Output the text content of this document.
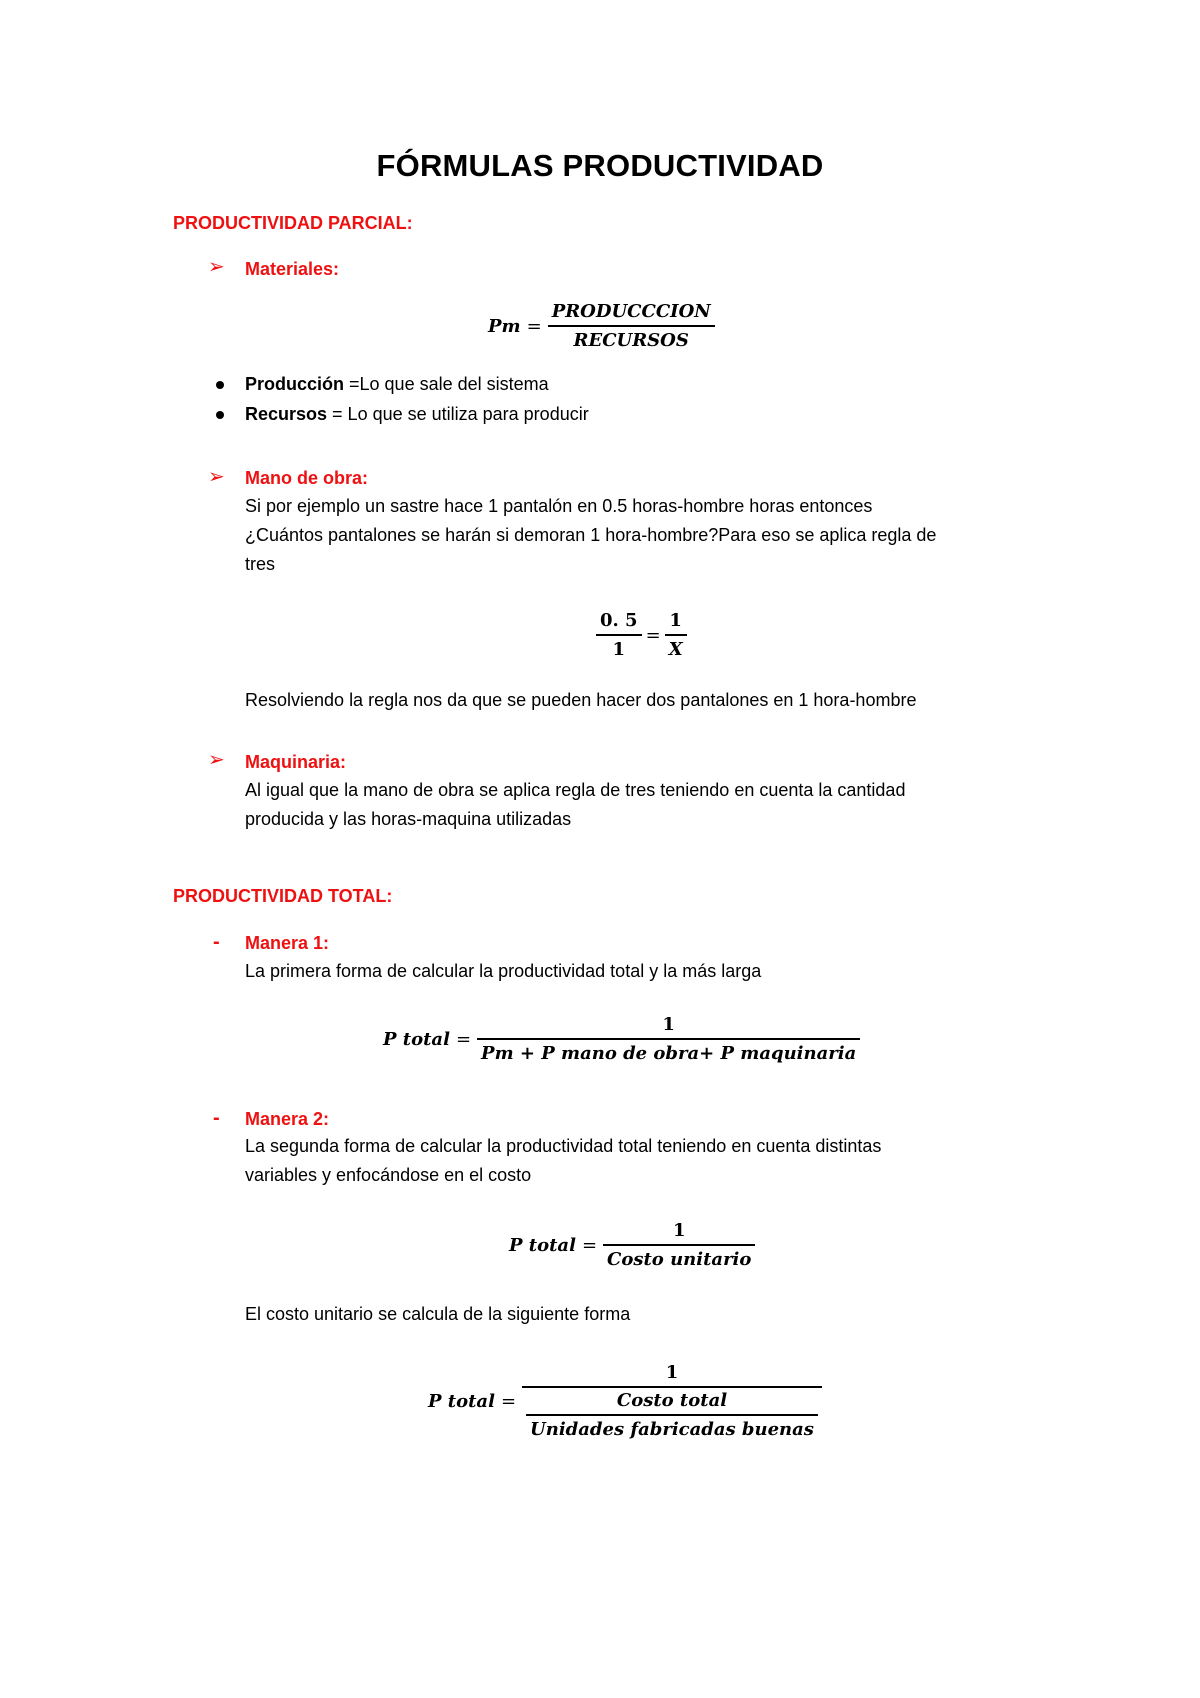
FÓRMULAS PRODUCTIVIDAD
PRODUCTIVIDAD PARCIAL:
➢ Materiales:
$Pm = \frac{\text{PRODUCCCION}}{\text{RECURSOS}}$
Producción =Lo que sale del sistema
Recursos = Lo que se utiliza para producir
➢ Mano de obra:
Si por ejemplo un sastre hace 1 pantalón en 0.5 horas-hombre horas entonces
¿Cuántos pantalones se harán si demoran 1 hora-hombre?Para eso se aplica regla de
tres
$\frac{0. 5}{1} = \frac{1}{X}$
Resolviendo la regla nos da que se pueden hacer dos pantalones en 1 hora-hombre
➢ Maquinaria:
Al igual que la mano de obra se aplica regla de tres teniendo en cuenta la cantidad
producida y las horas-maquina utilizadas
PRODUCTIVIDAD TOTAL:
- Manera 1:
La primera forma de calcular la productividad total y la más larga
P total = $\frac{1}{\text{Pm + P mano de obra+ P maquinaria}}$
- Manera 2:
La segunda forma de calcular la productividad total teniendo en cuenta distintas
variables y enfocándose en el costo
P total = $\frac{1}{\text{Costo unitario}}$
El costo unitario se calcula de la siguiente forma
P total = $\frac{1}{\frac{\text{Costo total}}{\text{Unidades fabricadas buenas}}}$
